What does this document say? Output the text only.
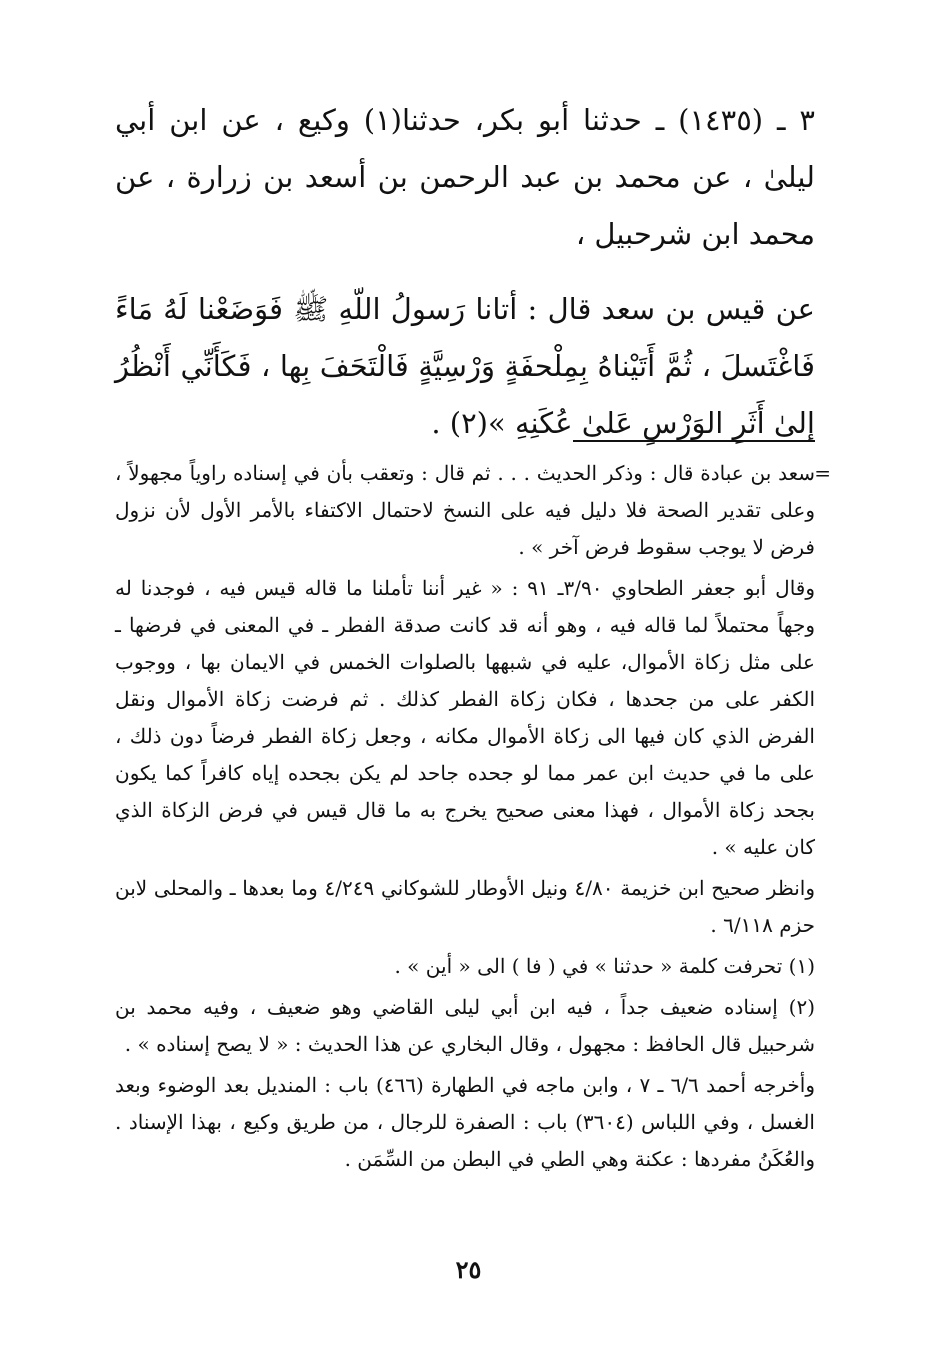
٣ ـ (١٤٣٥) ـ حدثنا أبو بكر، حدثنا(١) وكيع ، عن ابن أبي ليلىٰ ، عن محمد بن عبد الرحمن بن أسعد بن زرارة ، عن محمد ابن شرحبيل ،

عن قيس بن سعد قال : أتانا رَسولُ اللّهِ ﷺ فَوَضَعْنا لَهُ مَاءً فَاغْتَسلَ ، ثُمَّ أَتَيْناهُ بِمِلْحفَةٍ وَرْسِيَّةٍ فَالْتَحَفَ بِها ، فَكَأَنِّي أَنْظُرُ إلىٰ أَثَرِ الوَرْسِ عَلىٰ عُكَنِهِ »(٢) .

=

سعد بن عبادة قال : وذكر الحديث . . . ثم قال : وتعقب بأن في إسناده راوياً مجهولاً ، وعلى تقدير الصحة فلا دليل فيه على النسخ لاحتمال الاكتفاء بالأمر الأول لأن نزول فرض لا يوجب سقوط فرض آخر » .

وقال أبو جعفر الطحاوي ٣/٩٠ـ ٩١ : « غير أننا تأملنا ما قاله قيس فيه ، فوجدنا له وجهاً محتملاً لما قاله فيه ، وهو أنه قد كانت صدقة الفطر ـ في المعنى في فرضها ـ على مثل زكاة الأموال، عليه في شبهها بالصلوات الخمس في الايمان بها ، ووجوب الكفر على من جحدها ، فكان زكاة الفطر كذلك . ثم فرضت زكاة الأموال ونقل الفرض الذي كان فيها الى زكاة الأموال مكانه ، وجعل زكاة الفطر فرضاً دون ذلك ، على ما في حديث ابن عمر مما لو جحده جاحد لم يكن بجحده إياه كافراً كما يكون بجحد زكاة الأموال ، فهذا معنى صحيح يخرج به ما قال قيس في فرض الزكاة الذي كان عليه » .

وانظر صحيح ابن خزيمة ٤/٨٠ ونيل الأوطار للشوكاني ٤/٢٤٩ وما بعدها ـ والمحلى لابن حزم ٦/١١٨ .

(١) تحرفت كلمة « حدثنا » في ( فا ) الى « أين » .

(٢) إسناده ضعيف جداً ، فيه ابن أبي ليلى القاضي وهو ضعيف ، وفيه محمد بن شرحبيل قال الحافظ : مجهول ، وقال البخاري عن هذا الحديث : « لا يصح إسناده » .

وأخرجه أحمد ٦/٦ ـ ٧ ، وابن ماجه في الطهارة (٤٦٦) باب : المنديل بعد الوضوء وبعد الغسل ، وفي اللباس (٣٦٠٤) باب : الصفرة للرجال ، من طريق وكيع ، بهذا الإسناد . والعُكَنُ مفردها : عكنة وهي الطي في البطن من السِّمَن .

٢٥
